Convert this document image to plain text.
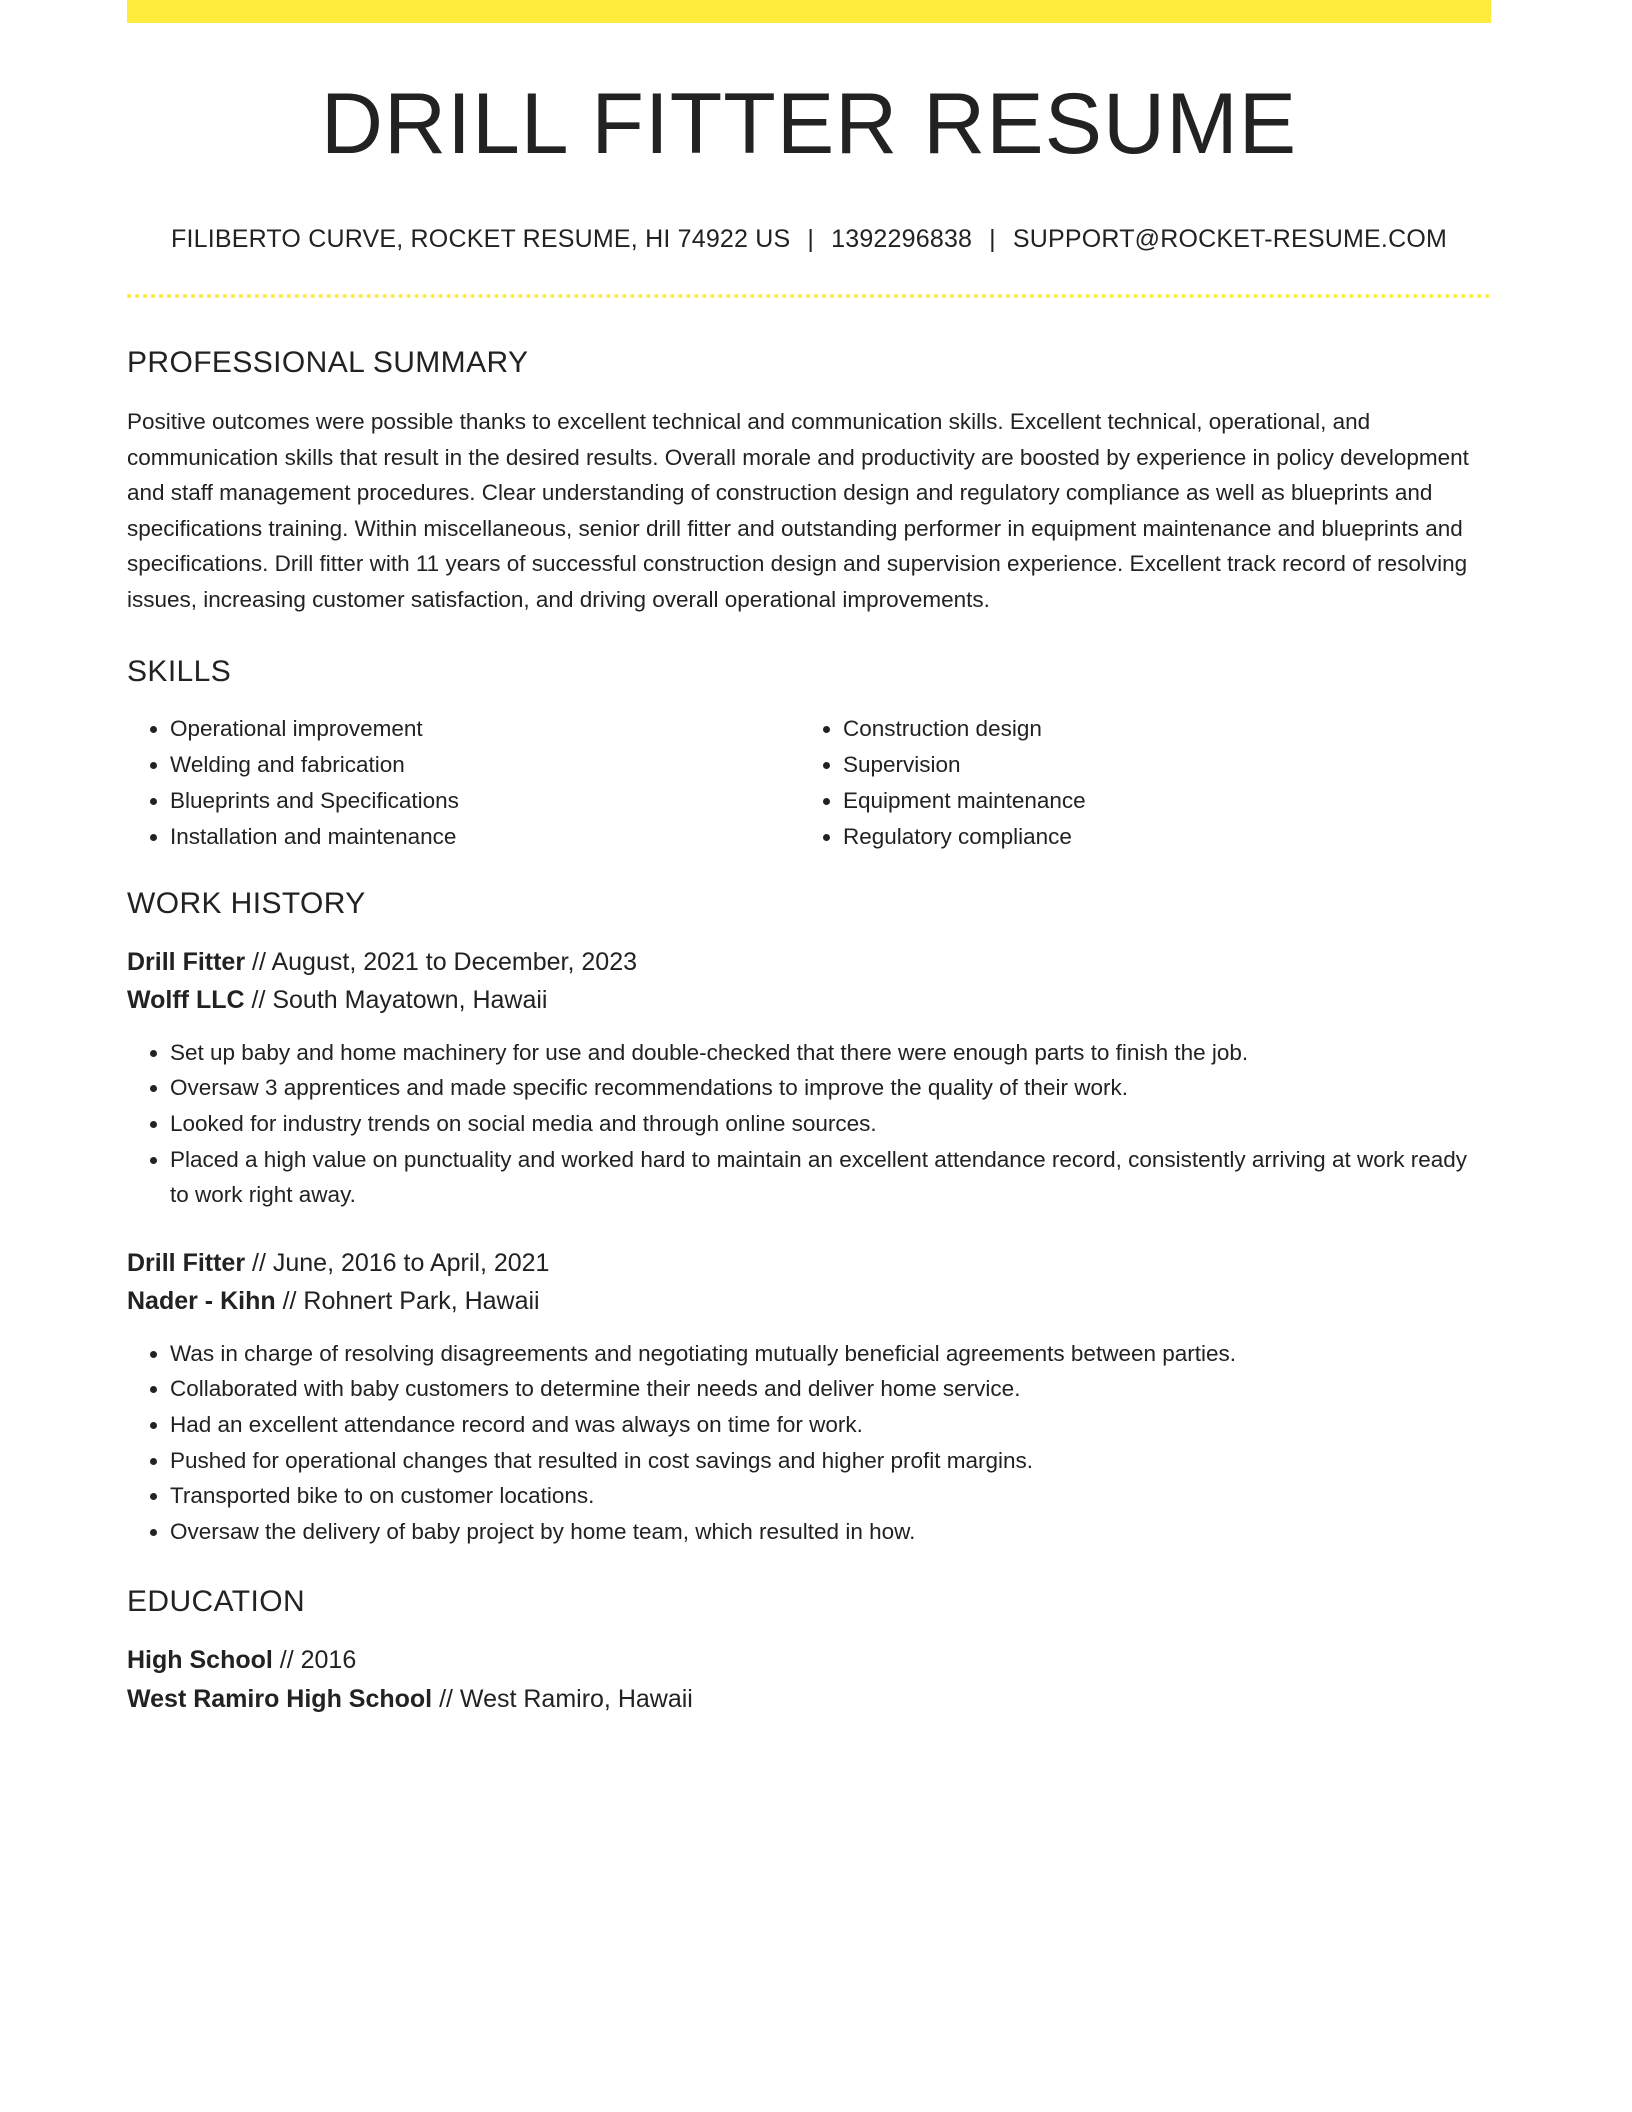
DRILL FITTER RESUME
FILIBERTO CURVE, ROCKET RESUME, HI 74922 US | 1392296838 | SUPPORT@ROCKET-RESUME.COM
PROFESSIONAL SUMMARY

Positive outcomes were possible thanks to excellent technical and communication skills. Excellent technical, operational, and communication skills that result in the desired results. Overall morale and productivity are boosted by experience in policy development and staff management procedures. Clear understanding of construction design and regulatory compliance as well as blueprints and specifications training. Within miscellaneous, senior drill fitter and outstanding performer in equipment maintenance and blueprints and specifications. Drill fitter with 11 years of successful construction design and supervision experience. Excellent track record of resolving issues, increasing customer satisfaction, and driving overall operational improvements.

SKILLS
• Operational improvement
• Welding and fabrication
• Blueprints and Specifications
• Installation and maintenance
• Construction design
• Supervision
• Equipment maintenance
• Regulatory compliance
WORK HISTORY
Drill Fitter // August, 2021 to December, 2023
Wolff LLC // South Mayatown, Hawaii
• Set up baby and home machinery for use and double-checked that there were enough parts to finish the job.
• Oversaw 3 apprentices and made specific recommendations to improve the quality of their work.
• Looked for industry trends on social media and through online sources.
• Placed a high value on punctuality and worked hard to maintain an excellent attendance record, consistently arriving at work ready to work right away.
Drill Fitter // June, 2016 to April, 2021
Nader - Kihn // Rohnert Park, Hawaii
• Was in charge of resolving disagreements and negotiating mutually beneficial agreements between parties.
• Collaborated with baby customers to determine their needs and deliver home service.
• Had an excellent attendance record and was always on time for work.
• Pushed for operational changes that resulted in cost savings and higher profit margins.
• Transported bike to on customer locations.
• Oversaw the delivery of baby project by home team, which resulted in how.
EDUCATION
High School // 2016
West Ramiro High School // West Ramiro, Hawaii
